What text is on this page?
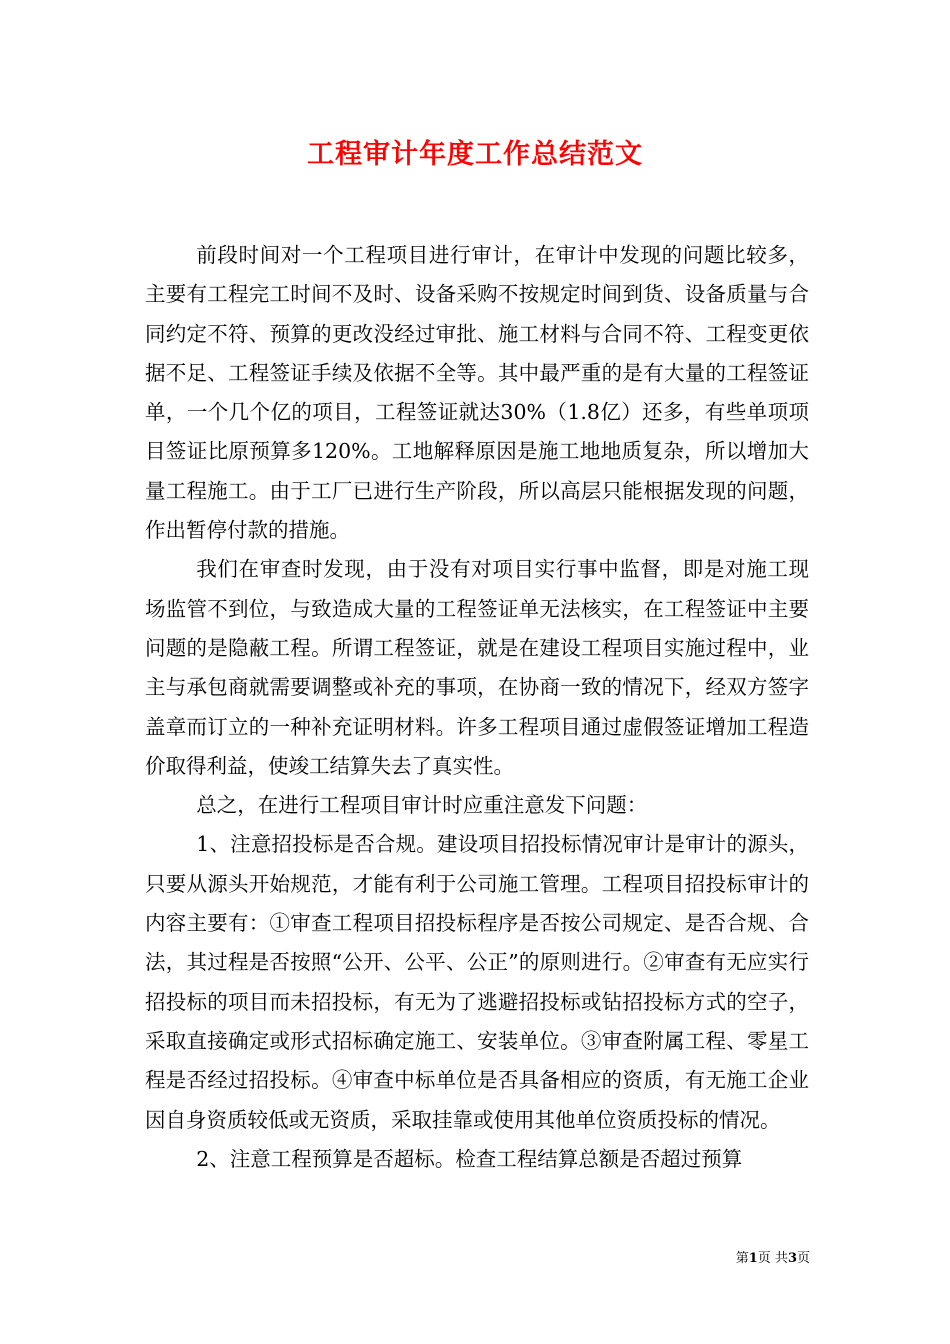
工程审计年度工作总结范文

前段时间对一个工程项目进行审计，在审计中发现的问题比较多，主要有工程完工时间不及时、设备采购不按规定时间到货、设备质量与合同约定不符、预算的更改没经过审批、施工材料与合同不符、工程变更依据不足、工程签证手续及依据不全等。其中最严重的是有大量的工程签证单，一个几个亿的项目，工程签证就达30%（1.8亿）还多，有些单项项目签证比原预算多120%。工地解释原因是施工地地质复杂，所以增加大量工程施工。由于工厂已进行生产阶段，所以高层只能根据发现的问题，作出暂停付款的措施。

我们在审查时发现，由于没有对项目实行事中监督，即是对施工现场监管不到位，与致造成大量的工程签证单无法核实，在工程签证中主要问题的是隐蔽工程。所谓工程签证，就是在建设工程项目实施过程中，业主与承包商就需要调整或补充的事项，在协商一致的情况下，经双方签字盖章而订立的一种补充证明材料。许多工程项目通过虚假签证增加工程造价取得利益，使竣工结算失去了真实性。

总之，在进行工程项目审计时应重注意发下问题：

1、注意招投标是否合规。建设项目招投标情况审计是审计的源头，只要从源头开始规范，才能有利于公司施工管理。工程项目招投标审计的内容主要有：①审查工程项目招投标程序是否按公司规定、是否合规、合法，其过程是否按照“公开、公平、公正”的原则进行。②审查有无应实行招投标的项目而未招投标，有无为了逃避招投标或钻招投标方式的空子，采取直接确定或形式招标确定施工、安装单位。③审查附属工程、零星工程是否经过招投标。④审查中标单位是否具备相应的资质，有无施工企业因自身资质较低或无资质，采取挂靠或使用其他单位资质投标的情况。

2、注意工程预算是否超标。检查工程结算总额是否超过预算

第1页 共3页
